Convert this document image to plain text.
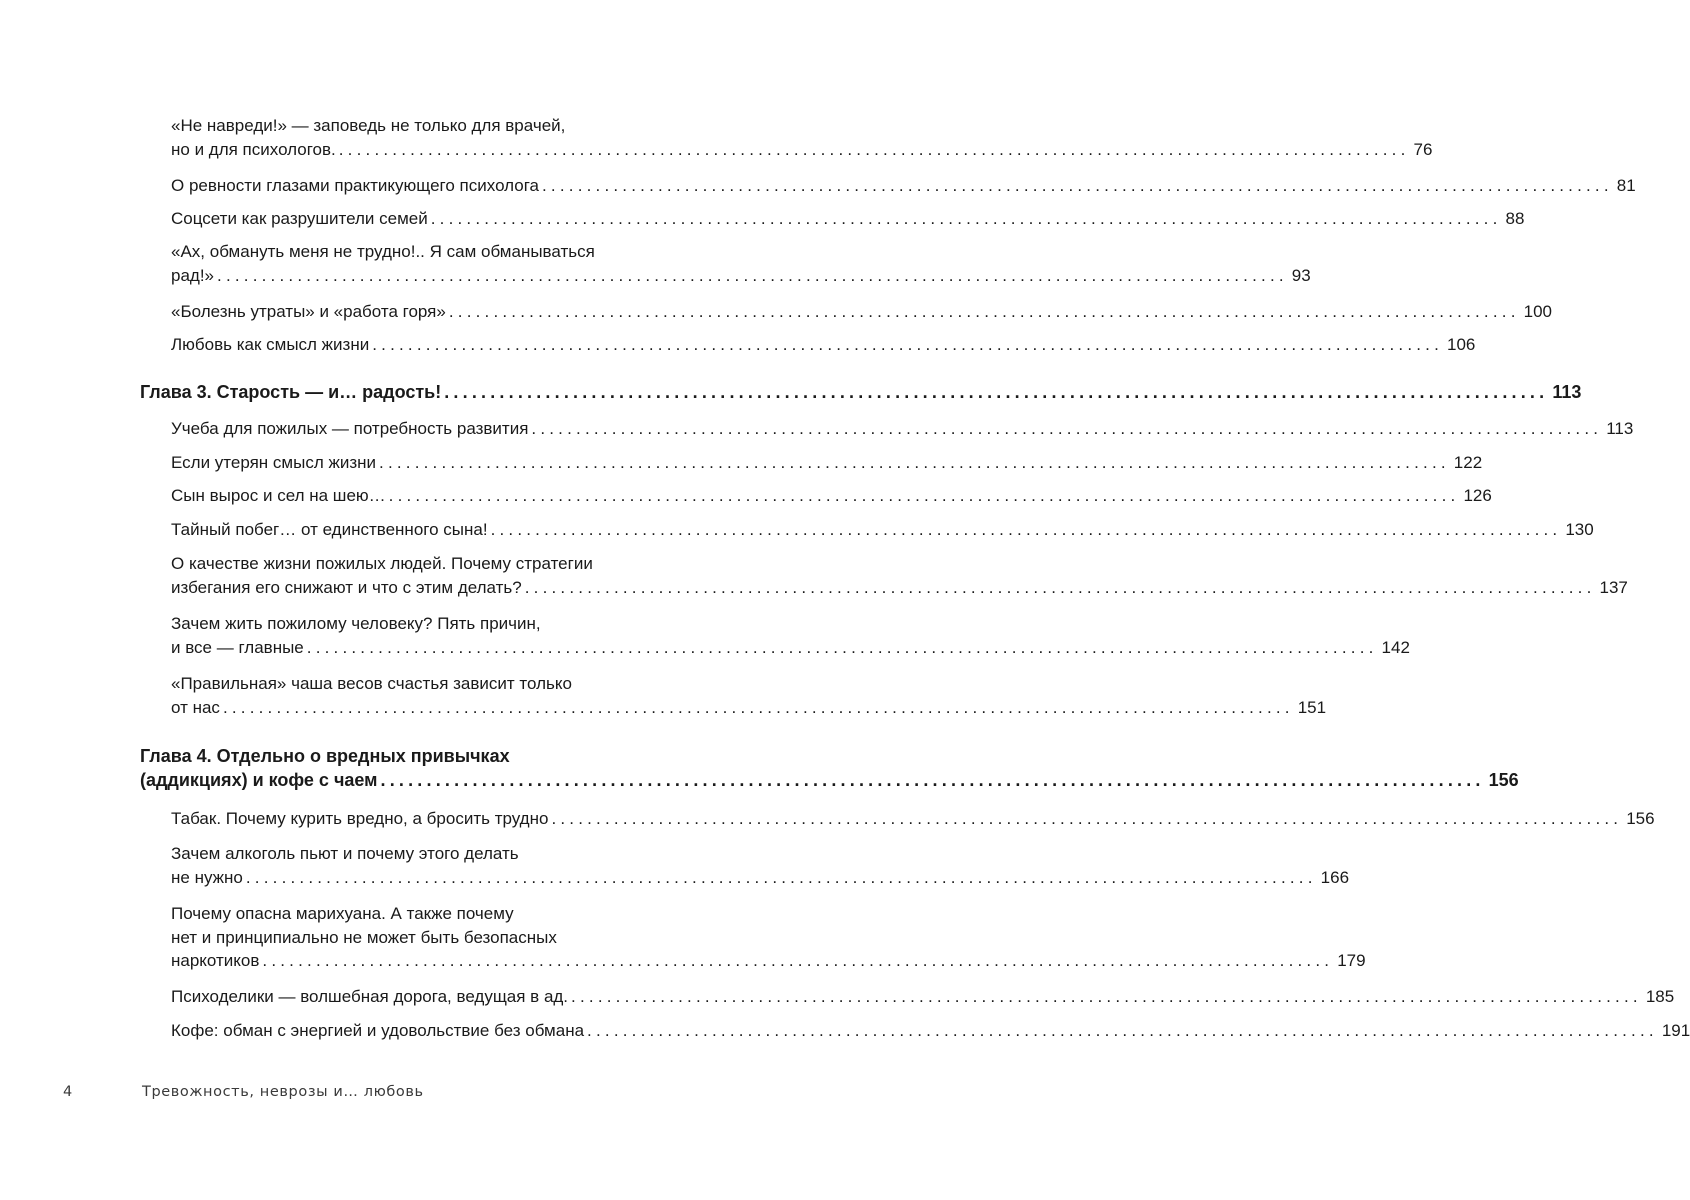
«Не навреди!» — заповедь не только для врачей,
но и для психологов. ........................................................................................................................ 76
О ревности глазами практикующего психолога ........................................................................................................................ 81
Соцсети как разрушители семей ........................................................................................................................ 88
«Ах, обмануть меня не трудно!.. Я сам обманываться
рад!» ........................................................................................................................ 93
«Болезнь утраты» и «работа горя» ........................................................................................................................ 100
Любовь как смысл жизни ........................................................................................................................ 106
Глава 3. Старость — и… радость! ........................................................................................................................ 113
Учеба для пожилых — потребность развития ........................................................................................................................ 113
Если утерян смысл жизни ........................................................................................................................ 122
Сын вырос и сел на шею… ........................................................................................................................ 126
Тайный побег… от единственного сына! ........................................................................................................................ 130
О качестве жизни пожилых людей. Почему стратегии
избегания его снижают и что с этим делать? ........................................................................................................................ 137
Зачем жить пожилому человеку? Пять причин,
и все — главные ........................................................................................................................ 142
«Правильная» чаша весов счастья зависит только
от нас ........................................................................................................................ 151
Глава 4. Отдельно о вредных привычках
(аддикциях) и кофе с чаем ........................................................................................................................ 156
Табак. Почему курить вредно, а бросить трудно ........................................................................................................................ 156
Зачем алкоголь пьют и почему этого делать
не нужно ........................................................................................................................ 166
Почему опасна марихуана. А также почему
нет и принципиально не может быть безопасных
наркотиков ........................................................................................................................ 179
Психоделики — волшебная дорога, ведущая в ад. ........................................................................................................................ 185
Кофе: обман с энергией и удовольствие без обмана ........................................................................................................................ 191
4	Тревожность, неврозы и… любовь
